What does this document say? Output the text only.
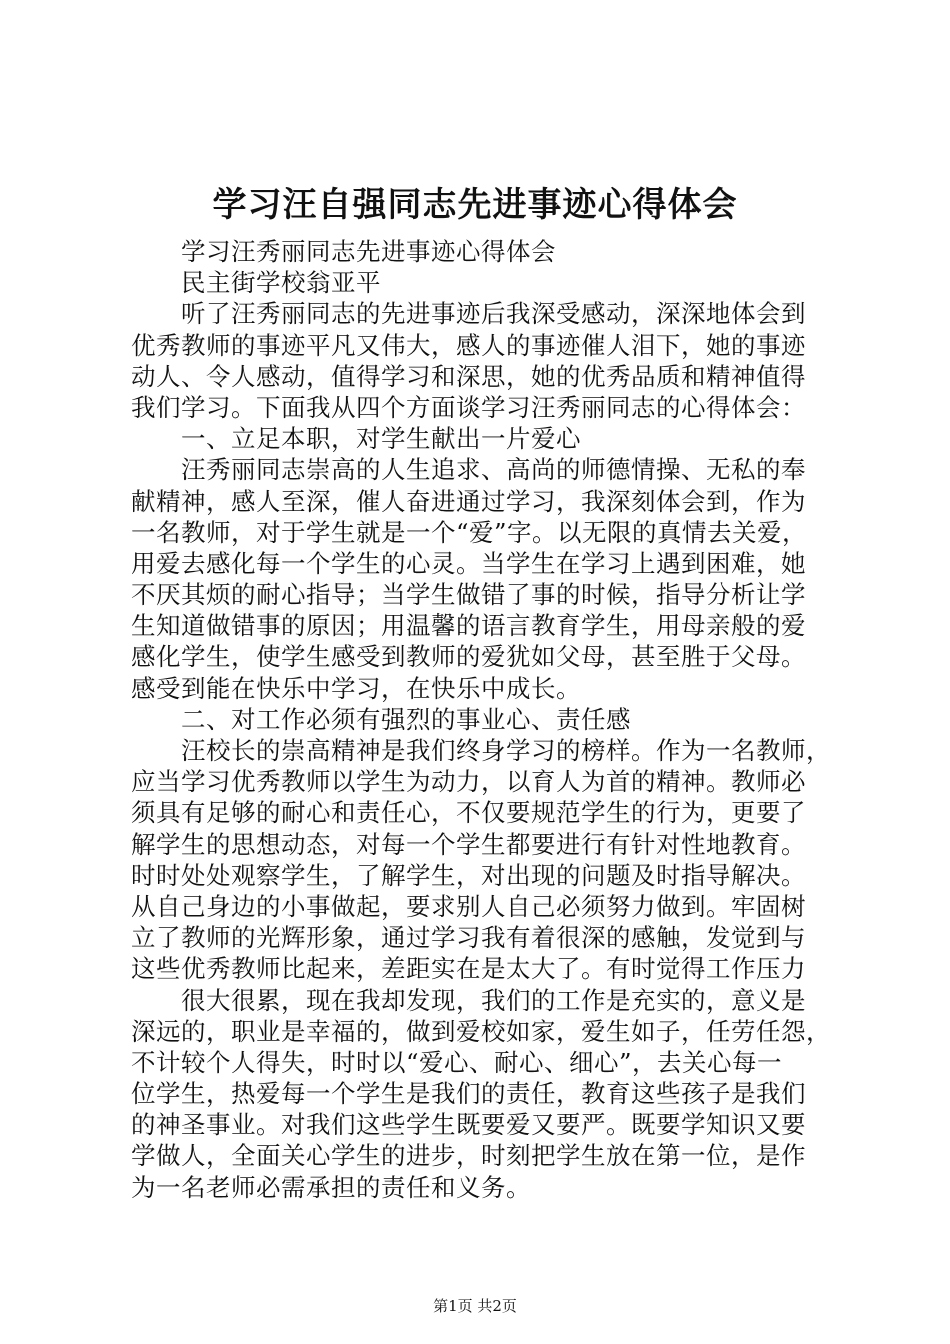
学习汪自强同志先进事迹心得体会
学习汪秀丽同志先进事迹心得体会
民主街学校翁亚平
听了汪秀丽同志的先进事迹后我深受感动，深深地体会到
优秀教师的事迹平凡又伟大，感人的事迹催人泪下，她的事迹
动人、令人感动，值得学习和深思，她的优秀品质和精神值得
我们学习。下面我从四个方面谈学习汪秀丽同志的心得体会：
一、立足本职，对学生献出一片爱心
汪秀丽同志崇高的人生追求、高尚的师德情操、无私的奉
献精神，感人至深，催人奋进通过学习，我深刻体会到，作为
一名教师，对于学生就是一个“爱”字。以无限的真情去关爱，
用爱去感化每一个学生的心灵。当学生在学习上遇到困难，她
不厌其烦的耐心指导；当学生做错了事的时候，指导分析让学
生知道做错事的原因；用温馨的语言教育学生，用母亲般的爱
感化学生，使学生感受到教师的爱犹如父母，甚至胜于父母。
感受到能在快乐中学习，在快乐中成长。
二、对工作必须有强烈的事业心、责任感
汪校长的崇高精神是我们终身学习的榜样。作为一名教师，
应当学习优秀教师以学生为动力，以育人为首的精神。教师必
须具有足够的耐心和责任心，不仅要规范学生的行为，更要了
解学生的思想动态，对每一个学生都要进行有针对性地教育。
时时处处观察学生，了解学生，对出现的问题及时指导解决。
从自己身边的小事做起，要求别人自己必须努力做到。牢固树
立了教师的光辉形象，通过学习我有着很深的感触，发觉到与
这些优秀教师比起来，差距实在是太大了。有时觉得工作压力
很大很累，现在我却发现，我们的工作是充实的，意义是
深远的，职业是幸福的，做到爱校如家，爱生如子，任劳任怨，
不计较个人得失，时时以“爱心、耐心、细心”，去关心每一
位学生，热爱每一个学生是我们的责任，教育这些孩子是我们
的神圣事业。对我们这些学生既要爱又要严。既要学知识又要
学做人，全面关心学生的进步，时刻把学生放在第一位，是作
为一名老师必需承担的责任和义务。
第1页 共2页
